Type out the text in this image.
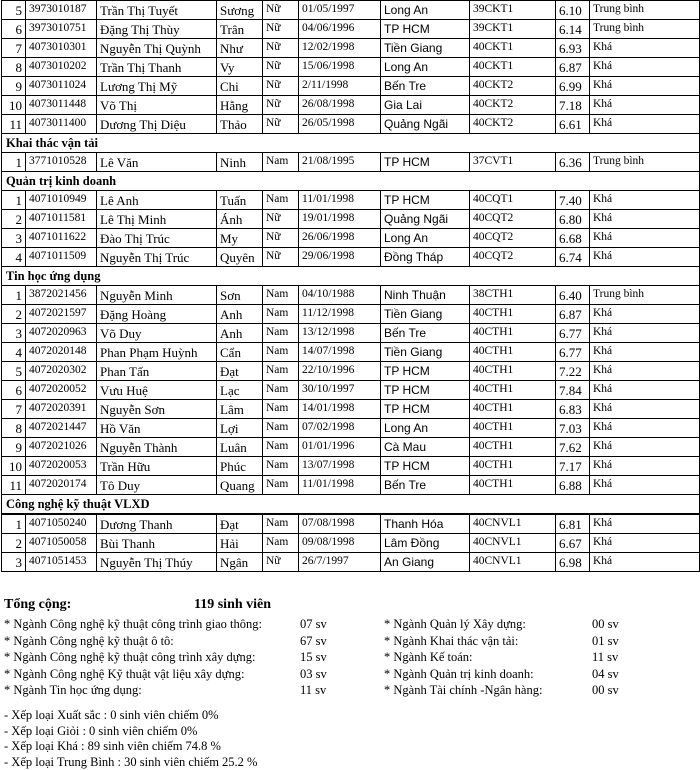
5	3973010187	Trần Thị Tuyết	Sương	Nữ	01/05/1997	Long An	39CKT1	6.10	Trung bình
6	3973010751	Đặng Thị Thùy	Trân	Nữ	04/06/1996	TP HCM	39CKT1	6.14	Trung bình
7	4073010301	Nguyễn Thị Quỳnh	Như	Nữ	12/02/1998	Tiền Giang	40CKT1	6.93	Khá
8	4073010202	Trần Thị Thanh	Vy	Nữ	15/06/1998	Long An	40CKT1	6.87	Khá
9	4073011024	Lương Thị Mỹ	Chi	Nữ	2/11/1998	Bến Tre	40CKT2	6.99	Khá
10	4073011448	Võ Thị	Hằng	Nữ	26/08/1998	Gia Lai	40CKT2	7.18	Khá
11	4073011400	Dương Thị Diệu	Thảo	Nữ	26/05/1998	Quảng Ngãi	40CKT2	6.61	Khá
Khai thác vận tải									
1	3771010528	Lê Văn	Ninh	Nam	21/08/1995	TP HCM	37CVT1	6.36	Trung bình
Quản trị kinh doanh									
1	4071010949	Lê Anh	Tuấn	Nam	11/01/1998	TP HCM	40CQT1	7.40	Khá
2	4071011581	Lê Thị Minh	Ánh	Nữ	19/01/1998	Quảng Ngãi	40CQT2	6.80	Khá
3	4071011622	Đào Thị Trúc	My	Nữ	26/06/1998	Long An	40CQT2	6.68	Khá
4	4071011509	Nguyễn Thị Trúc	Quyên	Nữ	29/06/1998	Đồng Tháp	40CQT2	6.74	Khá
Tin học ứng dụng									
1	3872021456	Nguyễn Minh	Sơn	Nam	04/10/1988	Ninh Thuận	38CTH1	6.40	Trung bình
2	4072021597	Đặng Hoàng	Anh	Nam	11/12/1998	Tiền Giang	40CTH1	6.87	Khá
3	4072020963	Võ Duy	Anh	Nam	13/12/1998	Bến Tre	40CTH1	6.77	Khá
4	4072020148	Phan Phạm Huỳnh	Cẩn	Nam	14/07/1998	Tiền Giang	40CTH1	6.77	Khá
5	4072020302	Phan Tấn	Đạt	Nam	22/10/1996	TP HCM	40CTH1	7.22	Khá
6	4072020052	Vưu Huệ	Lạc	Nam	30/10/1997	TP HCM	40CTH1	7.84	Khá
7	4072020391	Nguyễn Sơn	Lâm	Nam	14/01/1998	TP HCM	40CTH1	6.83	Khá
8	4072021447	Hồ Văn	Lợi	Nam	07/02/1998	Long An	40CTH1	7.03	Khá
9	4072021026	Nguyễn Thành	Luân	Nam	01/01/1996	Cà Mau	40CTH1	7.62	Khá
10	4072020053	Trần Hữu	Phúc	Nam	13/07/1998	TP HCM	40CTH1	7.17	Khá
11	4072020174	Tô Duy	Quang	Nam	11/01/1998	Bến Tre	40CTH1	6.88	Khá
Công nghệ kỹ thuật VLXD									

1	4071050240	Dương Thanh	Đạt	Nam	07/08/1998	Thanh Hóa	40CNVL1	6.81	Khá
2	4071050058	Bùi Thanh	Hải	Nam	09/08/1998	Lâm Đồng	40CNVL1	6.67	Khá
3	4071051453	Nguyễn Thị Thúy	Ngân	Nữ	26/7/1997	An Giang	40CNVL1	6.98	Khá
Tổng cộng:	119 sinh viên
* Ngành Công nghệ kỹ thuật công trình giao thông:	07 sv
* Ngành Công nghệ kỹ thuật ô tô:	67 sv
* Ngành Công nghệ kỹ thuật công trình xây dựng:	15 sv
* Ngành Công nghệ Kỹ thuật vật liệu xây dựng:	03 sv
* Ngành Tin học ứng dụng:	11 sv
* Ngành Quản lý Xây dựng:	00 sv
* Ngành Khai thác vận tải:	01 sv
* Ngành Kế toán:	11 sv
* Ngành Quản trị kinh doanh:	04 sv
* Ngành Tài chính -Ngân hàng:	00 sv
- Xếp loại Xuất sắc : 0 sinh viên chiếm 0%
- Xếp loại Giỏi : 0 sinh viên chiếm 0%
- Xếp loại Khá : 89 sinh viên chiếm 74.8 %
- Xếp loại Trung Bình : 30 sinh viên chiếm 25.2 %
